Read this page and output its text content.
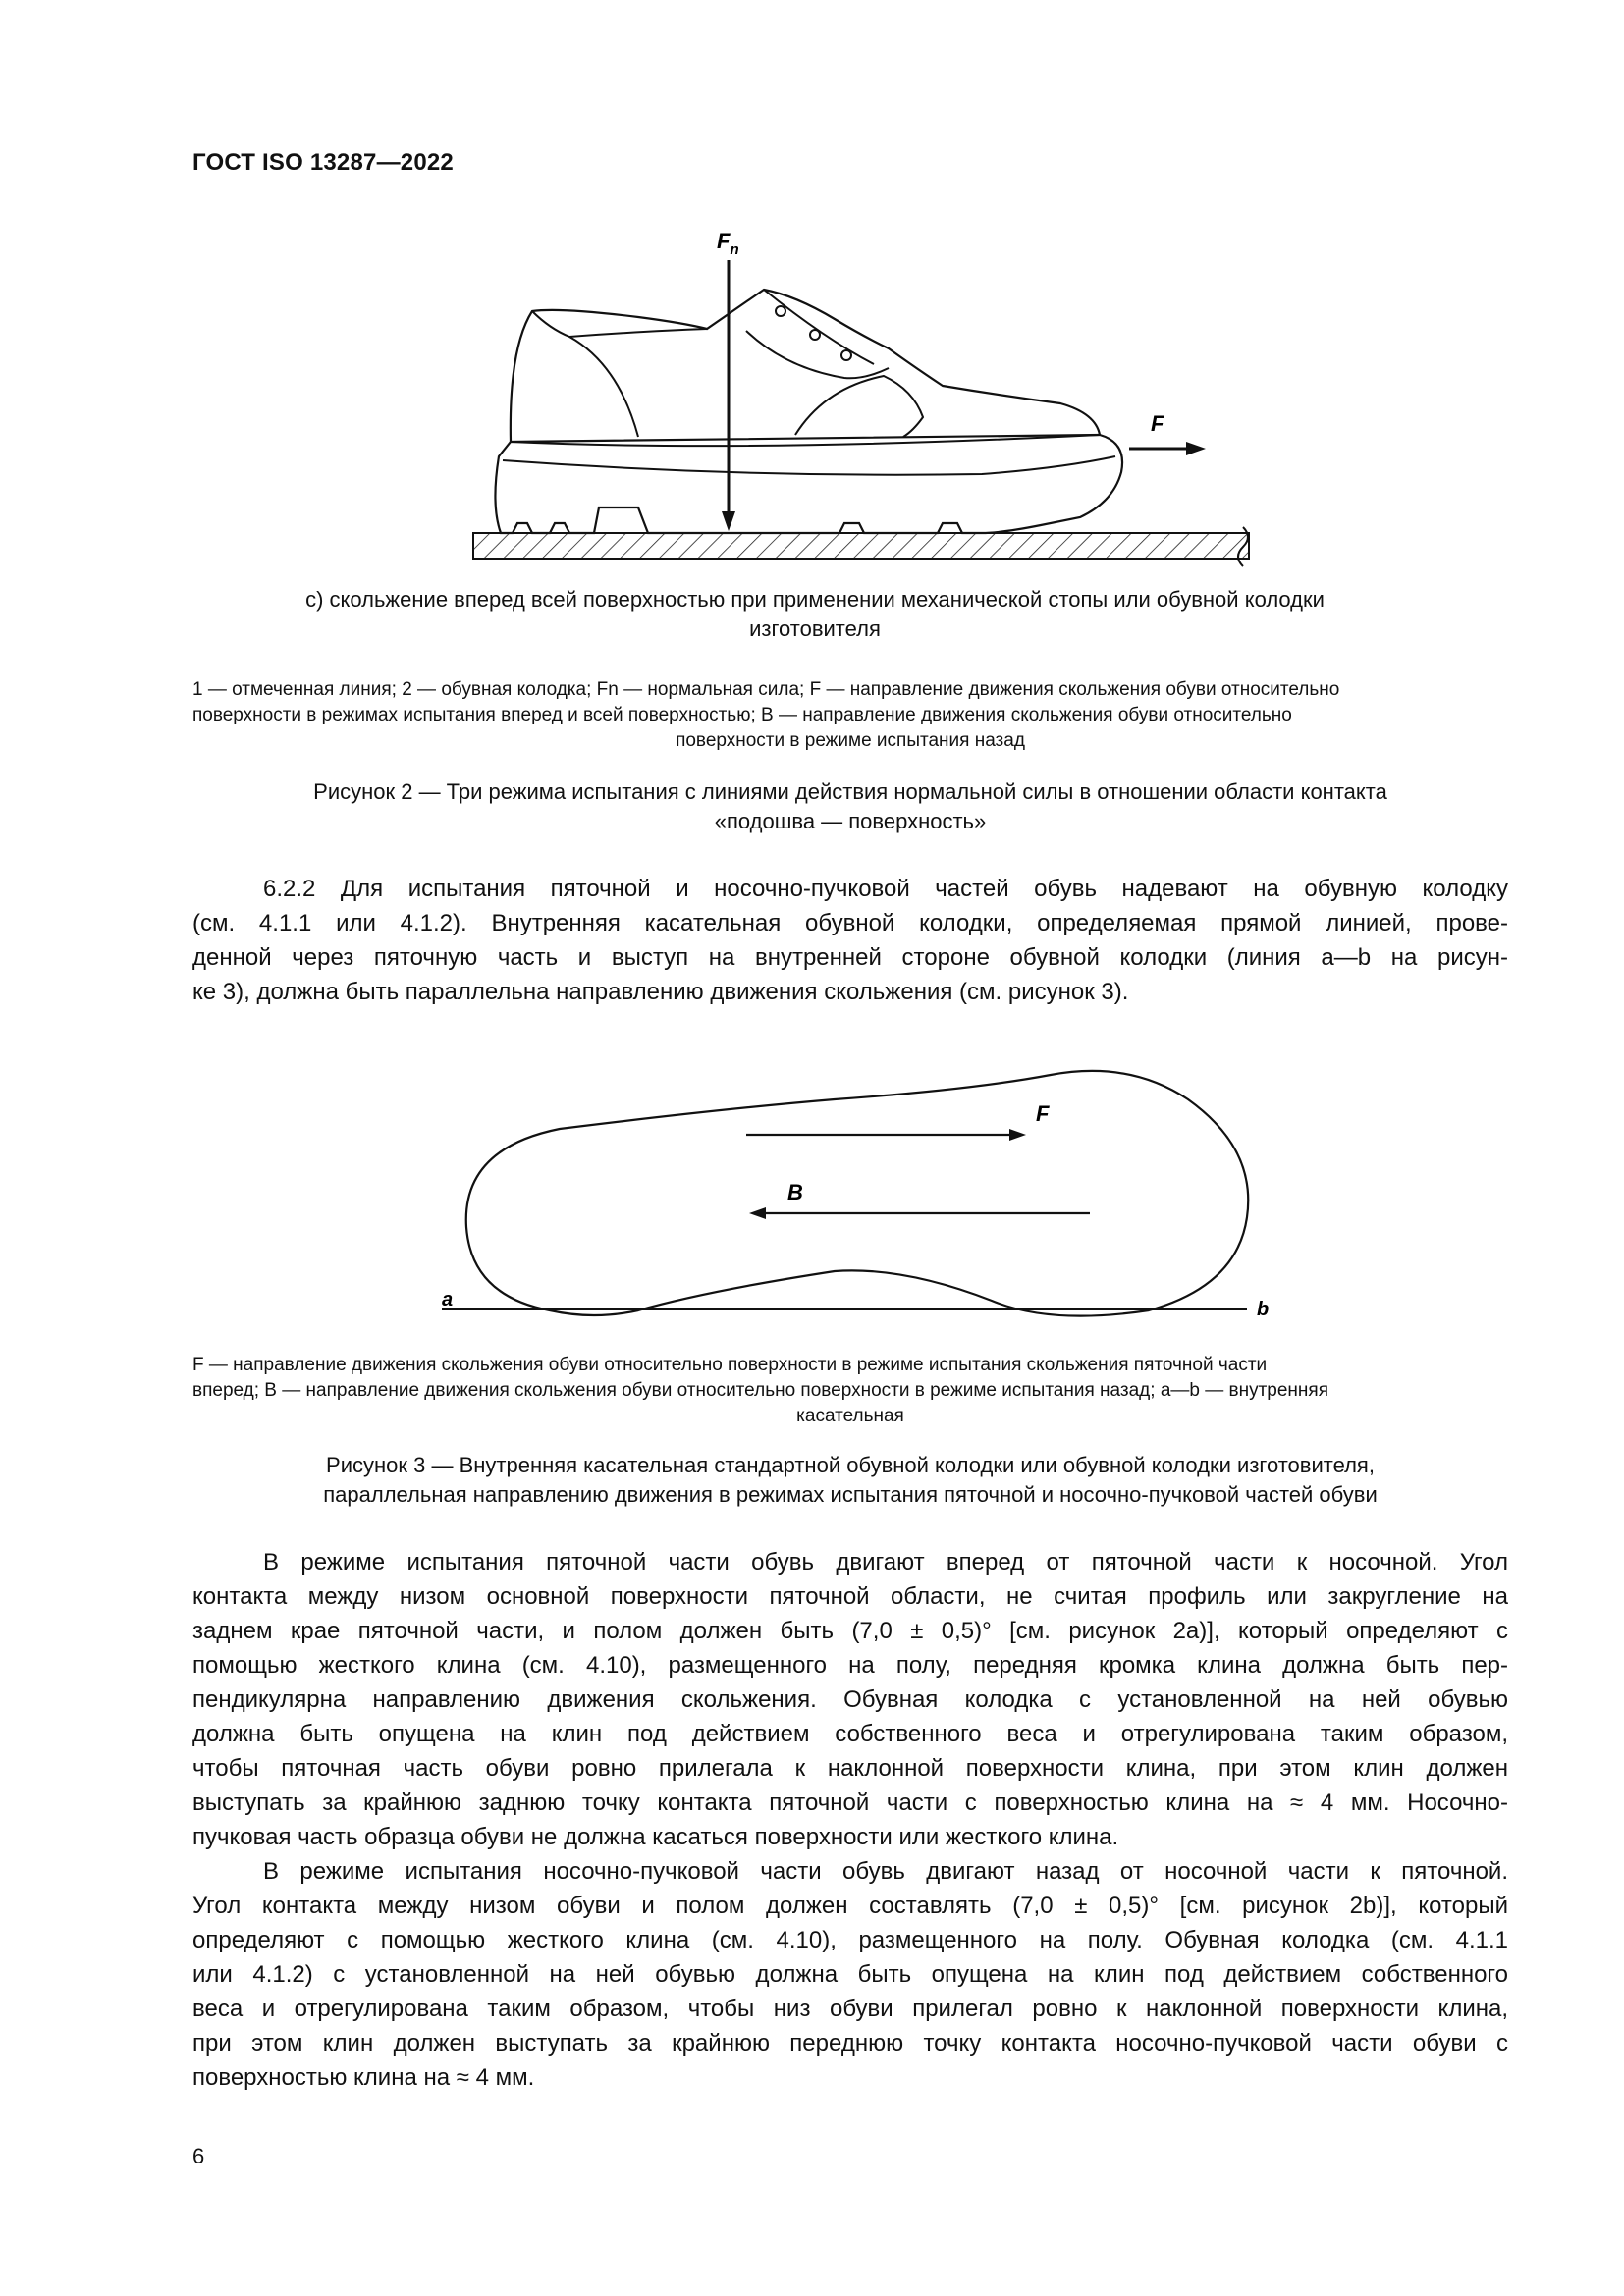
ГОСТ ISO 13287—2022
$F_n$
F
с) скольжение вперед всей поверхностью при применении механической стопы или обувной колодки
изготовителя
1 — отмеченная линия; 2 — обувная колодка; Fn — нормальная сила; F — направление движения скольжения обуви относительно
поверхности в режимах испытания вперед и всей поверхностью; B — направление движения скольжения обуви относительно
поверхности в режиме испытания назад
Рисунок 2 — Три режима испытания с линиями действия нормальной силы в отношении области контакта
«подошва — поверхность»
6.2.2 Для испытания пяточной и носочно-пучковой частей обувь надевают на обувную колодку
(см. 4.1.1 или 4.1.2). Внутренняя касательная обувной колодки, определяемая прямой линией, прове-
денной через пяточную часть и выступ на внутренней стороне обувной колодки (линия a—b на рисун-
ке 3), должна быть параллельна направлению движения скольжения (см. рисунок 3).
a	b
F
B
F — направление движения скольжения обуви относительно поверхности в режиме испытания скольжения пяточной части
вперед; B — направление движения скольжения обуви относительно поверхности в режиме испытания назад; a—b — внутренняя
касательная
Рисунок 3 — Внутренняя касательная стандартной обувной колодки или обувной колодки изготовителя,
параллельная направлению движения в режимах испытания пяточной и носочно-пучковой частей обуви
В режиме испытания пяточной части обувь двигают вперед от пяточной части к носочной. Угол
контакта между низом основной поверхности пяточной области, не считая профиль или закругление на
заднем крае пяточной части, и полом должен быть (7,0 ± 0,5)° [см. рисунок 2а)], который определяют с
помощью жесткого клина (см. 4.10), размещенного на полу, передняя кромка клина должна быть пер-
пендикулярна направлению движения скольжения. Обувная колодка с установленной на ней обувью
должна быть опущена на клин под действием собственного веса и отрегулирована таким образом,
чтобы пяточная часть обуви ровно прилегала к наклонной поверхности клина, при этом клин должен
выступать за крайнюю заднюю точку контакта пяточной части с поверхностью клина на ≈ 4 мм. Носочно-
пучковая часть образца обуви не должна касаться поверхности или жесткого клина.
В режиме испытания носочно-пучковой части обувь двигают назад от носочной части к пяточной.
Угол контакта между низом обуви и полом должен составлять (7,0 ± 0,5)° [см. рисунок 2b)], который
определяют с помощью жесткого клина (см. 4.10), размещенного на полу. Обувная колодка (см. 4.1.1
или 4.1.2) с установленной на ней обувью должна быть опущена на клин под действием собственного
веса и отрегулирована таким образом, чтобы низ обуви прилегал ровно к наклонной поверхности клина,
при этом клин должен выступать за крайнюю переднюю точку контакта носочно-пучковой части обуви с
поверхностью клина на ≈ 4 мм.
6
